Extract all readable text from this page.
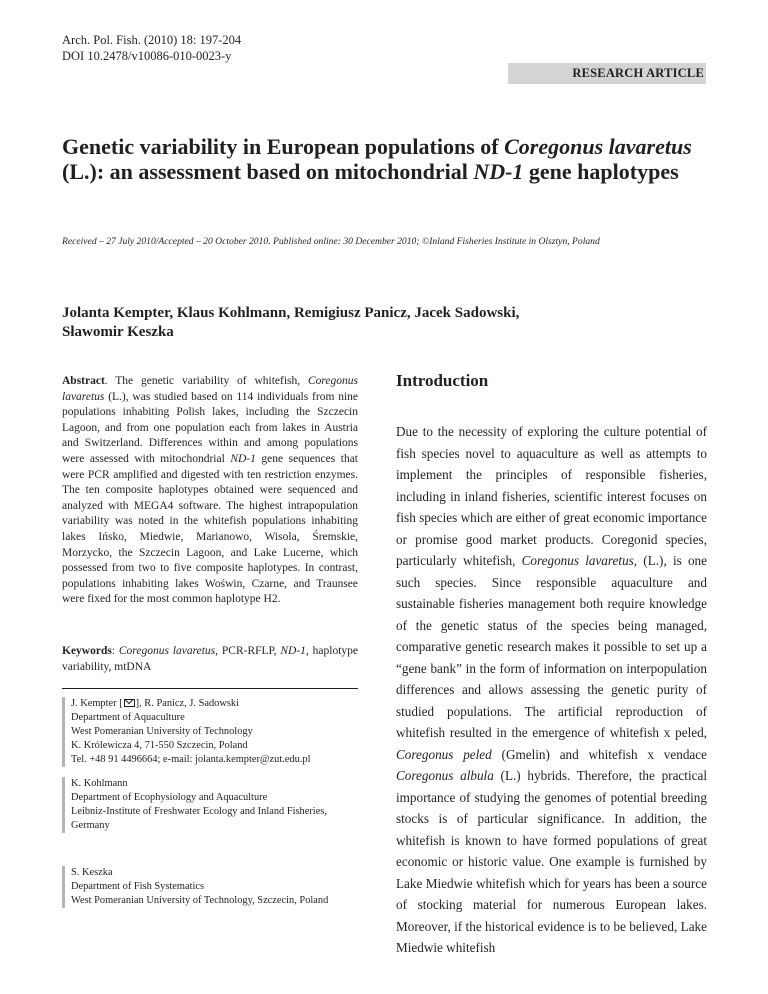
Arch. Pol. Fish. (2010) 18: 197-204
DOI 10.2478/v10086-010-0023-y
RESEARCH ARTICLE
Genetic variability in European populations of Coregonus lavaretus (L.): an assessment based on mitochondrial ND-1 gene haplotypes
Received – 27 July 2010/Accepted – 20 October 2010. Published online: 30 December 2010; ©Inland Fisheries Institute in Olsztyn, Poland
Jolanta Kempter, Klaus Kohlmann, Remigiusz Panicz, Jacek Sadowski, Sławomir Keszka

Abstract. The genetic variability of whitefish, Coregonus lavaretus (L.), was studied based on 114 individuals from nine populations inhabiting Polish lakes, including the Szczecin Lagoon, and from one population each from lakes in Austria and Switzerland. Differences within and among populations were assessed with mitochondrial ND-1 gene sequences that were PCR amplified and digested with ten restriction enzymes. The ten composite haplotypes obtained were sequenced and analyzed with MEGA4 software. The highest intrapopulation variability was noted in the whitefish populations inhabiting lakes Ińsko, Miedwie, Marianowo, Wisola, Śremskie, Morzycko, the Szczecin Lagoon, and Lake Lucerne, which possessed from two to five composite haplotypes. In contrast, populations inhabiting lakes Woświn, Czarne, and Traunsee were fixed for the most common haplotype H2.

Keywords: Coregonus lavaretus, PCR-RFLP, ND-1, haplotype variability, mtDNA

J. Kempter [ ], R. Panicz, J. Sadowski
Department of Aquaculture
West Pomeranian University of Technology
K. Królewicza 4, 71-550 Szczecin, Poland
Tel. +48 91 4496664; e-mail: jolanta.kempter@zut.edu.pl
K. Kohlmann
Department of Ecophysiology and Aquaculture
Leibniz-Institute of Freshwater Ecology and Inland Fisheries,
Germany
S. Keszka
Department of Fish Systematics
West Pomeranian University of Technology, Szczecin, Poland
Introduction

Due to the necessity of exploring the culture potential of fish species novel to aquaculture as well as attempts to implement the principles of responsible fisheries, including in inland fisheries, scientific interest focuses on fish species which are either of great economic importance or promise good market products. Coregonid species, particularly whitefish, Coregonus lavaretus, (L.), is one such species. Since responsible aquaculture and sustainable fisheries management both require knowledge of the genetic status of the species being managed, comparative genetic research makes it possible to set up a “gene bank” in the form of information on interpopulation differences and allows assessing the genetic purity of studied populations. The artificial reproduction of whitefish resulted in the emergence of whitefish x peled, Coregonus peled (Gmelin) and whitefish x vendace Coregonus albula (L.) hybrids. Therefore, the practical importance of studying the genomes of potential breeding stocks is of particular significance. In addition, the whitefish is known to have formed populations of great economic or historic value. One example is furnished by Lake Miedwie whitefish which for years has been a source of stocking material for numerous European lakes. Moreover, if the historical evidence is to be believed, Lake Miedwie whitefish
